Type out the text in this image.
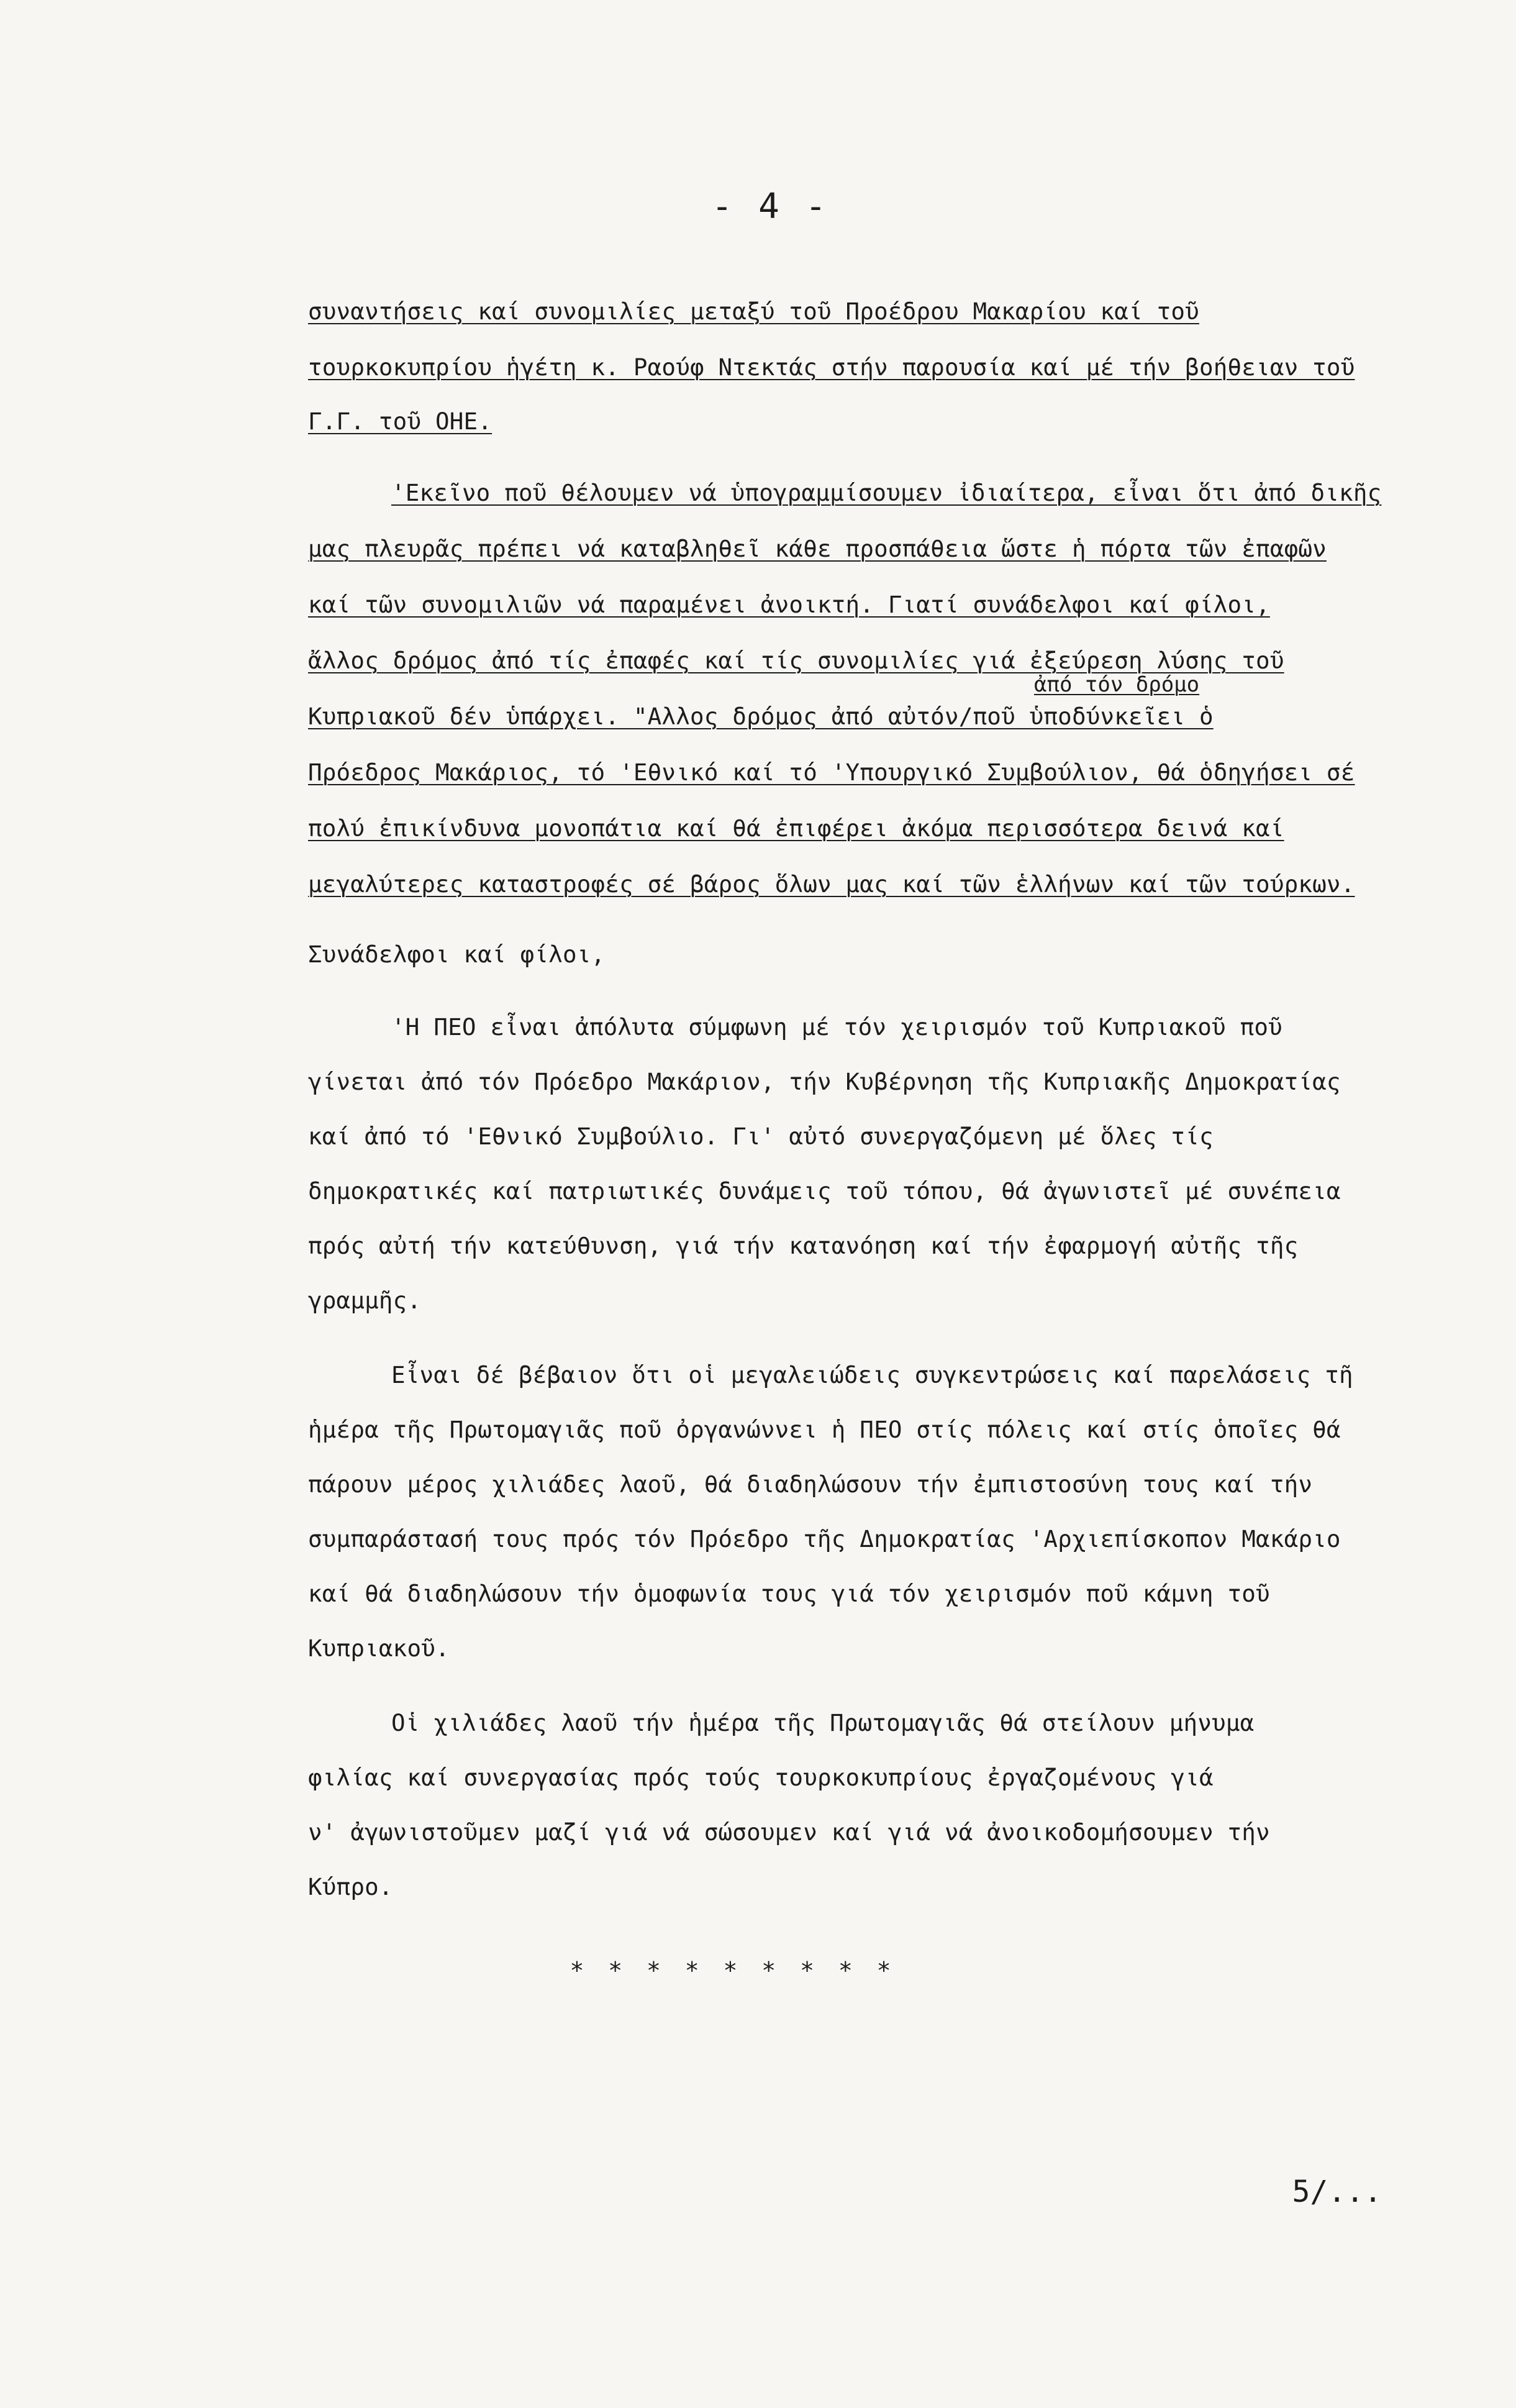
- 4 -
συναντήσεις καί συνομιλίες μεταξύ τοῦ Προέδρου Μακαρίου καί τοῦ
τουρκοκυπρίου ἡγέτη κ. Ραούφ Ντεκτάς στήν παρουσία καί μέ τήν βοήθειαν τοῦ
Γ.Γ. τοῦ ΟΗΕ.
'Εκεῖνο ποῦ θέλουμεν νά ὑπογραμμίσουμεν ἰδιαίτερα, εἶναι ὅτι ἀπό δικῆς
μας πλευρᾶς πρέπει νά καταβληθεῖ κάθε προσπάθεια ὥστε ἡ πόρτα τῶν ἐπαφῶν
καί τῶν συνομιλιῶν νά παραμένει ἀνοικτή. Γιατί συνάδελφοι καί φίλοι,
ἄλλος δρόμος ἀπό τίς ἐπαφές καί τίς συνομιλίες γιά ἐξεύρεση λύσης τοῦ
ἀπό τόν δρόμο
Κυπριακοῦ δέν ὑπάρχει. "Αλλος δρόμος ἀπό αὐτόν/ποῦ ὑποδύνκεῖει ὁ
Πρόεδρος Μακάριος, τό 'Εθνικό καί τό 'Υπουργικό Συμβούλιον, θά ὁδηγήσει σέ
πολύ ἐπικίνδυνα μονοπάτια καί θά ἐπιφέρει ἀκόμα περισσότερα δεινά καί
μεγαλύτερες καταστροφές σέ βάρος ὅλων μας καί τῶν ἑλλήνων καί τῶν τούρκων.
Συνάδελφοι καί φίλοι,
'Η ΠΕΟ εἶναι ἀπόλυτα σύμφωνη μέ τόν χειρισμόν τοῦ Κυπριακοῦ ποῦ
γίνεται ἀπό τόν Πρόεδρο Μακάριον, τήν Κυβέρνηση τῆς Κυπριακῆς Δημοκρατίας
καί ἀπό τό 'Εθνικό Συμβούλιο. Γι' αὐτό συνεργαζόμενη μέ ὅλες τίς
δημοκρατικές καί πατριωτικές δυνάμεις τοῦ τόπου, θά ἀγωνιστεῖ μέ συνέπεια
πρός αὐτή τήν κατεύθυνση, γιά τήν κατανόηση καί τήν ἐφαρμογή αὐτῆς τῆς
γραμμῆς.
Εἶναι δέ βέβαιον ὅτι οἱ μεγαλειώδεις συγκεντρώσεις καί παρελάσεις τῆ
ἡμέρα τῆς Πρωτομαγιᾶς ποῦ ὀργανώννει ἡ ΠΕΟ στίς πόλεις καί στίς ὁποῖες θά
πάρουν μέρος χιλιάδες λαοῦ, θά διαδηλώσουν τήν ἐμπιστοσύνη τους καί τήν
συμπαράστασή τους πρός τόν Πρόεδρο τῆς Δημοκρατίας 'Αρχιεπίσκοπον Μακάριο
καί θά διαδηλώσουν τήν ὁμοφωνία τους γιά τόν χειρισμόν ποῦ κάμνη τοῦ
Κυπριακοῦ.
Οἱ χιλιάδες λαοῦ τήν ἡμέρα τῆς Πρωτομαγιᾶς θά στείλουν μήνυμα
φιλίας καί συνεργασίας πρός τούς τουρκοκυπρίους ἐργαζομένους γιά
ν' ἀγωνιστοῦμεν μαζί γιά νά σώσουμεν καί γιά νά ἀνοικοδομήσουμεν τήν
Κύπρο.
* * * * * * * * *
5/...
